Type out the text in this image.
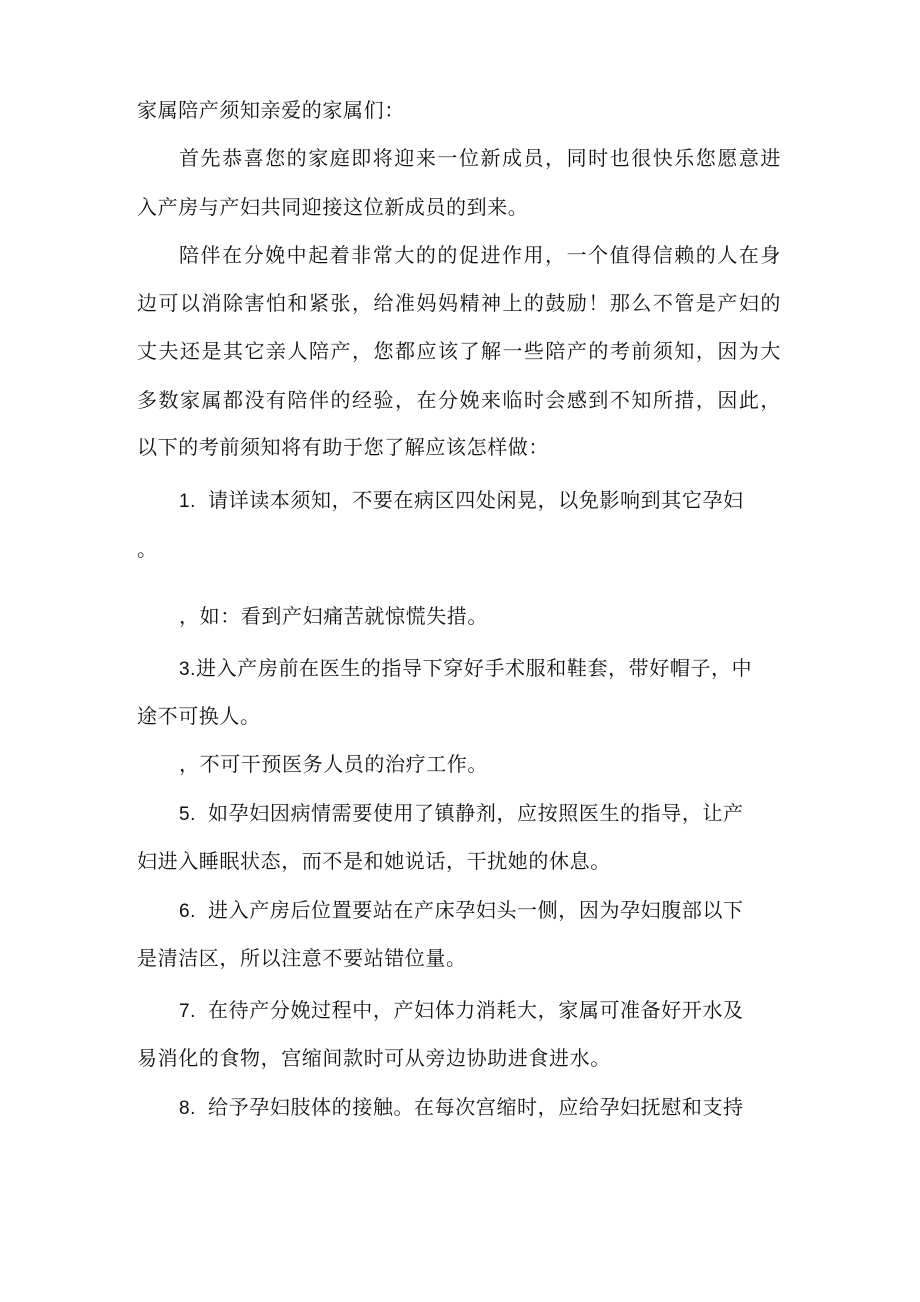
家属陪产须知亲爱的家属们：
首先恭喜您的家庭即将迎来一位新成员，同时也很快乐您愿意进
入产房与产妇共同迎接这位新成员的到来。
陪伴在分娩中起着非常大的的促进作用，一个值得信赖的人在身
边可以消除害怕和紧张，给准妈妈精神上的鼓励！那么不管是产妇的
丈夫还是其它亲人陪产，您都应该了解一些陪产的考前须知，因为大
多数家属都没有陪伴的经验，在分娩来临时会感到不知所措，因此，
以下的考前须知将有助于您了解应该怎样做：
1. 请详读本须知，不要在病区四处闲晃，以免影响到其它孕妇
。
，如：看到产妇痛苦就惊慌失措。
3.进入产房前在医生的指导下穿好手术服和鞋套，带好帽子，中
途不可换人。
，不可干预医务人员的治疗工作。
5. 如孕妇因病情需要使用了镇静剂，应按照医生的指导，让产
妇进入睡眠状态，而不是和她说话，干扰她的休息。
6. 进入产房后位置要站在产床孕妇头一侧，因为孕妇腹部以下
是清洁区，所以注意不要站错位量。
7. 在待产分娩过程中，产妇体力消耗大，家属可准备好开水及
易消化的食物，宫缩间款时可从旁边协助进食进水。
8. 给予孕妇肢体的接触。在每次宫缩时，应给孕妇抚慰和支持
